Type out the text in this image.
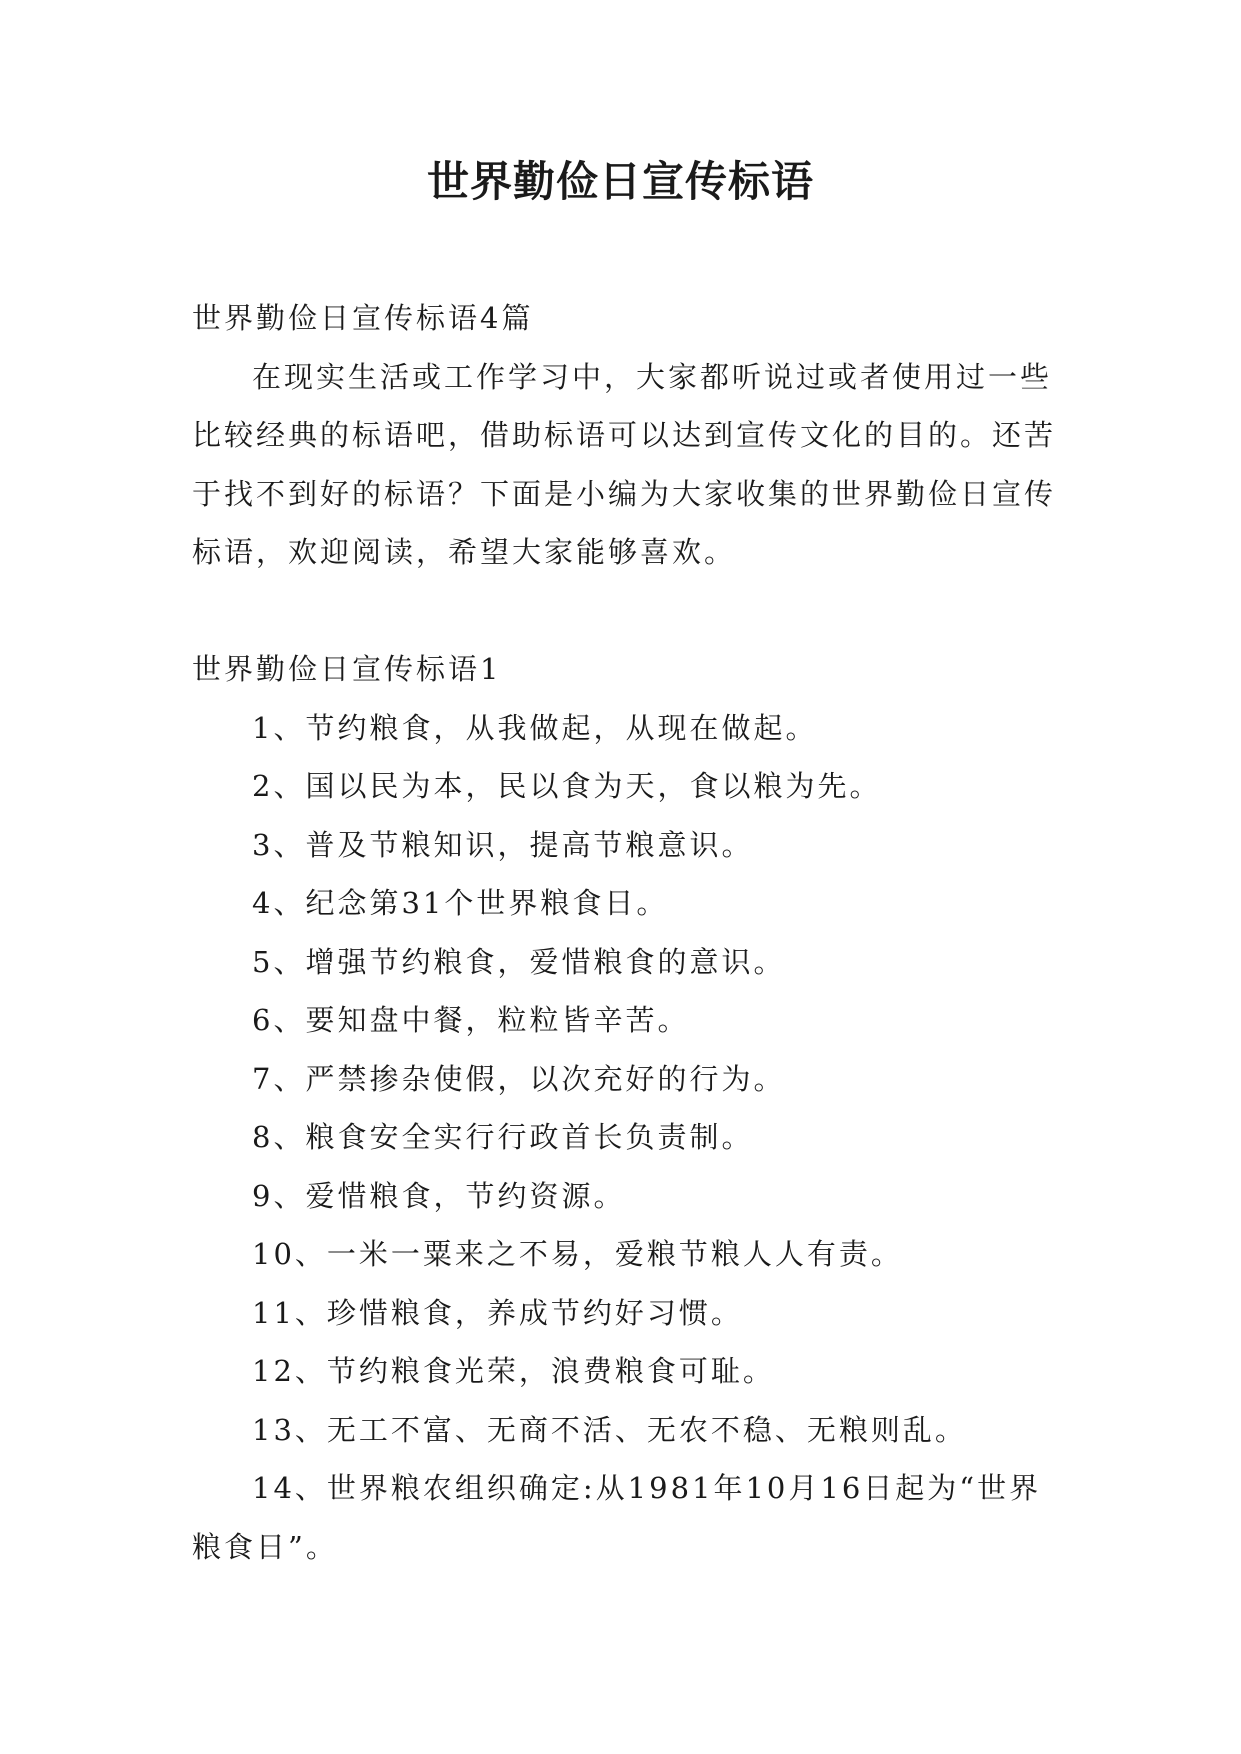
世界勤俭日宣传标语

世界勤俭日宣传标语4篇

在现实生活或工作学习中，大家都听说过或者使用过一些比较经典的标语吧，借助标语可以达到宣传文化的目的。还苦于找不到好的标语？下面是小编为大家收集的世界勤俭日宣传标语，欢迎阅读，希望大家能够喜欢。

世界勤俭日宣传标语1

1、节约粮食，从我做起，从现在做起。

2、国以民为本，民以食为天，食以粮为先。

3、普及节粮知识，提高节粮意识。

4、纪念第31个世界粮食日。

5、增强节约粮食，爱惜粮食的意识。

6、要知盘中餐，粒粒皆辛苦。

7、严禁掺杂使假，以次充好的行为。

8、粮食安全实行行政首长负责制。

9、爱惜粮食，节约资源。

10、一米一粟来之不易，爱粮节粮人人有责。

11、珍惜粮食，养成节约好习惯。

12、节约粮食光荣，浪费粮食可耻。

13、无工不富、无商不活、无农不稳、无粮则乱。

14、世界粮农组织确定:从1981年10月16日起为“世界粮食日”。
